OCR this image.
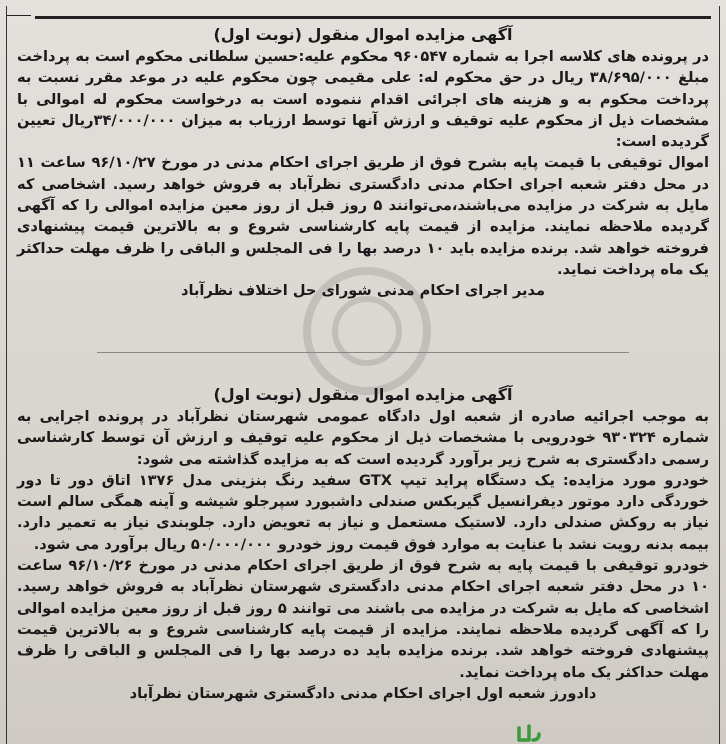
آگهی مزایده اموال منقول (نوبت اول)

در پرونده های کلاسه اجرا به شماره ۹۶۰۵۴۷ محکوم علیه:حسین سلطانی محکوم است به پرداخت مبلغ ۳۸/۶۹۵/۰۰۰ ریال در حق محکوم له: علی مقیمی چون محکوم علیه در موعد مقرر نسبت به پرداخت محکوم به و هزینه های اجرائی اقدام ننموده است به درخواست محکوم له اموالی با مشخصات ذیل از محکوم علیه توقیف و ارزش آنها توسط ارزیاب به میزان ۳۴/۰۰۰/۰۰۰ریال تعیین گردیده است:

اموال توقیفی با قیمت پایه بشرح فوق از طریق اجرای احکام مدنی در مورخ ۹۶/۱۰/۲۷ ساعت ۱۱ در محل دفتر شعبه اجرای احکام مدنی دادگستری نظرآباد به فروش خواهد رسید. اشخاصی که مایل به شرکت در مزایده می‌باشند،می‌توانند ۵ روز قبل از روز معین مزایده اموالی را که آگهی گردیده ملاحظه نمایند. مزایده از قیمت پایه کارشناسی شروع و به بالاترین قیمت پیشنهادی فروخته خواهد شد. برنده مزایده باید ۱۰ درصد بها را فی المجلس و الباقی را ظرف مهلت حداکثر یک ماه پرداخت نماید.

مدیر اجرای احکام مدنی شورای حل اختلاف نظرآباد

آگهی مزایده اموال منقول (نوبت اول)

به موجب اجرائیه صادره از شعبه اول دادگاه عمومی شهرستان نظرآباد در پرونده اجرایی به شماره ۹۳۰۳۲۴ خودرویی با مشخصات ذیل از محکوم علیه توقیف و ارزش آن توسط کارشناسی رسمی دادگستری به شرح زیر برآورد گردیده است که به مزایده گذاشته می شود:

خودرو مورد مزایده: یک دستگاه پراید تیپ GTX سفید رنگ بنزینی مدل ۱۳۷۶ اتاق دور تا دور خوردگی دارد موتور دیفرانسیل گیربکس صندلی داشبورد سپرجلو شیشه و آینه همگی سالم است نیاز به روکش صندلی دارد. لاستیک مستعمل و نیاز به تعویض دارد. جلوبندی نیاز به تعمیر دارد. بیمه بدنه رویت نشد با عنایت به موارد فوق قیمت روز خودرو ۵۰/۰۰۰/۰۰۰ ریال برآورد می شود.

خودرو توقیفی با قیمت پایه به شرح فوق از طریق اجرای احکام مدنی در مورخ ۹۶/۱۰/۲۶ ساعت ۱۰ در محل دفتر شعبه اجرای احکام مدنی دادگستری شهرستان نظرآباد به فروش خواهد رسید. اشخاصی که مایل به شرکت در مزایده می باشند می توانند ۵ روز قبل از روز معین مزایده اموالی را که آگهی گردیده ملاحظه نمایند. مزایده از قیمت پایه کارشناسی شروع و به بالاترین قیمت پیشنهادی فروخته خواهد شد. برنده مزایده باید ده درصد بها را فی المجلس و الباقی را ظرف مهلت حداکثر یک ماه پرداخت نماید.

دادورز شعبه اول اجرای احکام مدنی دادگستری شهرستان نظرآباد
